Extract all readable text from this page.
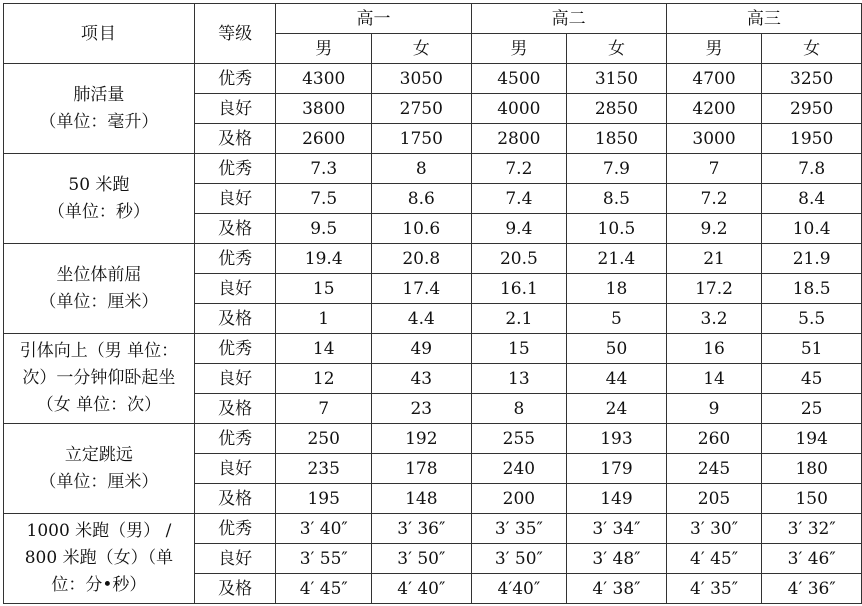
项目	等级	高一		高二		高三	
		男	女	男	女	男	女
肺活量
（单位：毫升）	优秀	4300	3050	4500	3150	4700	3250
	良好	3800	2750	4000	2850	4200	2950
	及格	2600	1750	2800	1850	3000	1950
50 米跑
（单位：秒）	优秀	7.3	8	7.2	7.9	7	7.8
	良好	7.5	8.6	7.4	8.5	7.2	8.4
	及格	9.5	10.6	9.4	10.5	9.2	10.4
坐位体前屈
（单位：厘米）	优秀	19.4	20.8	20.5	21.4	21	21.9
	良好	15	17.4	16.1	18	17.2	18.5
	及格	1	4.4	2.1	5	3.2	5.5
引体向上（男 单位：
次）一分钟仰卧起坐
（女 单位：次）	优秀	14	49	15	50	16	51
	良好	12	43	13	44	14	45
	及格	7	23	8	24	9	25
立定跳远
（单位：厘米）	优秀	250	192	255	193	260	194
	良好	235	178	240	179	245	180
	及格	195	148	200	149	205	150
1000 米跑（男） /
800 米跑（女）（单
位：分•秒）	优秀	3′ 40″	3′ 36″	3′ 35″	3′ 34″	3′ 30″	3′ 32″
	良好	3′ 55″	3′ 50″	3′ 50″	3′ 48″	4′ 45″	3′ 46″
	及格	4′ 45″	4′ 40″	4′40″	4′ 38″	4′ 35″	4′ 36″
